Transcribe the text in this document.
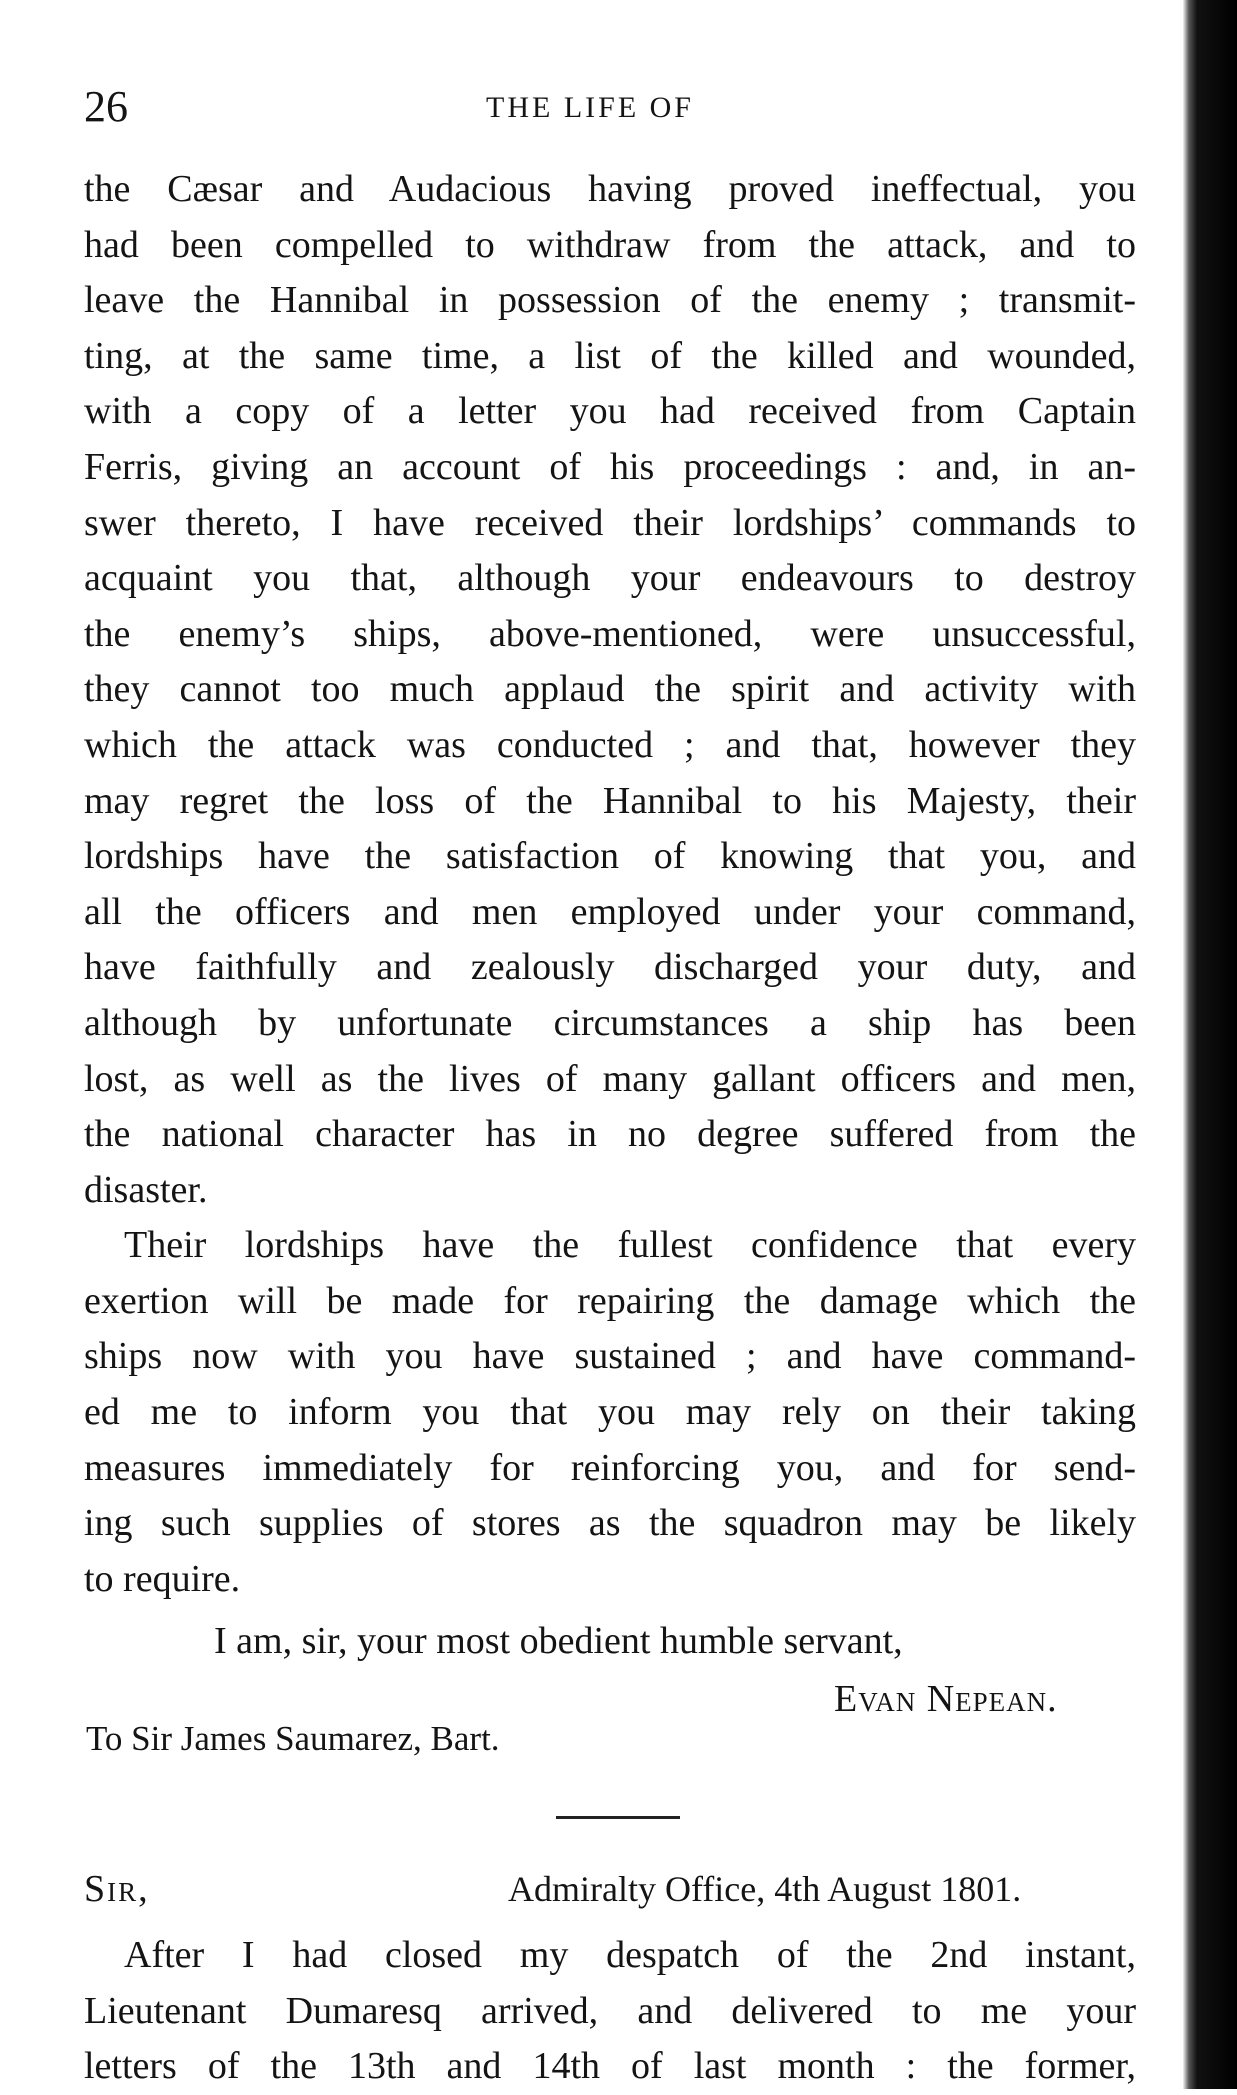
26	THE LIFE OF
the Cæsar and Audacious having proved ineffectual, you
had been compelled to withdraw from the attack, and to
leave the Hannibal in possession of the enemy ; transmit-
ting, at the same time, a list of the killed and wounded,
with a copy of a letter you had received from Captain
Ferris, giving an account of his proceedings : and, in an-
swer thereto, I have received their lordships’ commands to
acquaint you that, although your endeavours to destroy
the enemy’s ships, above-mentioned, were unsuccessful,
they cannot too much applaud the spirit and activity with
which the attack was conducted ; and that, however they
may regret the loss of the Hannibal to his Majesty, their
lordships have the satisfaction of knowing that you, and
all the officers and men employed under your command,
have faithfully and zealously discharged your duty, and
although by unfortunate circumstances a ship has been
lost, as well as the lives of many gallant officers and men,
the national character has in no degree suffered from the
disaster.
Their lordships have the fullest confidence that every
exertion will be made for repairing the damage which the
ships now with you have sustained ; and have command-
ed me to inform you that you may rely on their taking
measures immediately for reinforcing you, and for send-
ing such supplies of stores as the squadron may be likely
to require.
I am, sir, your most obedient humble servant,
Evan Nepean.
To Sir James Saumarez, Bart.
Sir,	Admiralty Office, 4th August 1801.
After I had closed my despatch of the 2nd instant,
Lieutenant Dumaresq arrived, and delivered to me your
letters of the 13th and 14th of last month : the former,
